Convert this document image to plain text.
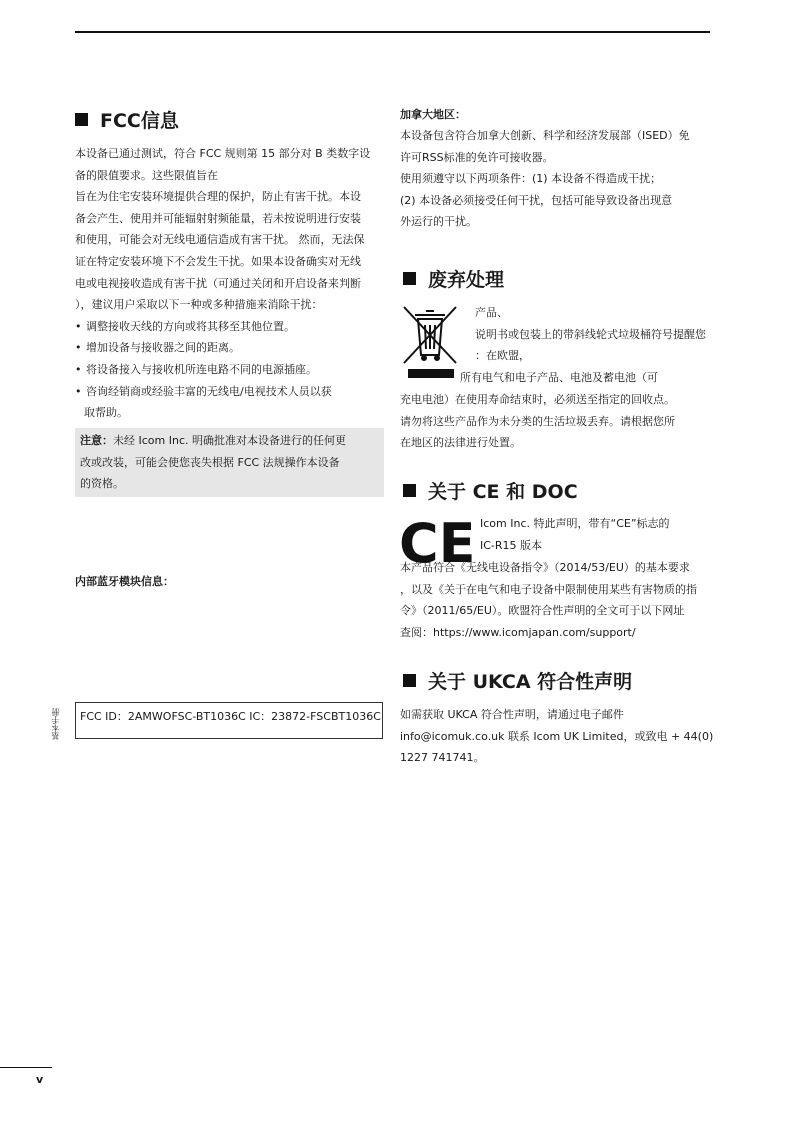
FCC信息
本设备已通过测试，符合 FCC 规则第 15 部分对 B 类数字设
备的限值要求。这些限值旨在
旨在为住宅安装环境提供合理的保护，防止有害干扰。本设
备会产生、使用并可能辐射射频能量，若未按说明进行安装
和使用，可能会对无线电通信造成有害干扰。 然而，无法保
证在特定安装环境下不会发生干扰。如果本设备确实对无线
电或电视接收造成有害干扰（可通过关闭和开启设备来判断
），建议用户采取以下一种或多种措施来消除干扰：
• 调整接收天线的方向或将其移至其他位置。
• 增加设备与接收器之间的距离。
• 将设备接入与接收机所连电路不同的电源插座。
• 咨询经销商或经验丰富的无线电/电视技术人员以获
取帮助。
注意：未经 Icom Inc. 明确批准对本设备进行的任何更
改或改装，可能会使您丧失根据 FCC 法规操作本设备
的资格。
内部蓝牙模块信息：
基本手册	FCC ID：2AMWOFSC-BT1036C IC：23872-FSCBT1036C
加拿大地区：
本设备包含符合加拿大创新、科学和经济发展部（ISED）免
许可RSS标准的免许可接收器。
使用须遵守以下两项条件：(1) 本设备不得造成干扰；
(2) 本设备必须接受任何干扰，包括可能导致设备出现意
外运行的干扰。
废弃处理
产品、
说明书或包装上的带斜线轮式垃圾桶符号提醒您
：在欧盟，
所有电气和电子产品、电池及蓄电池（可
充电电池）在使用寿命结束时，必须送至指定的回收点。
请勿将这些产品作为未分类的生活垃圾丢弃。请根据您所
在地区的法律进行处置。
关于 CE 和 DOC
CE Icom Inc. 特此声明，带有“CE”标志的
IC-R15 版本
本产品符合《无线电设备指令》（2014/53/EU）的基本要求
，以及《关于在电气和电子设备中限制使用某些有害物质的指
令》（2011/65/EU）。欧盟符合性声明的全文可于以下网址
查阅：https://www.icomjapan.com/support/
关于 UKCA 符合性声明
如需获取 UKCA 符合性声明，请通过电子邮件
info@icomuk.co.uk 联系 Icom UK Limited，或致电 + 44(0)
1227 741741。
v
